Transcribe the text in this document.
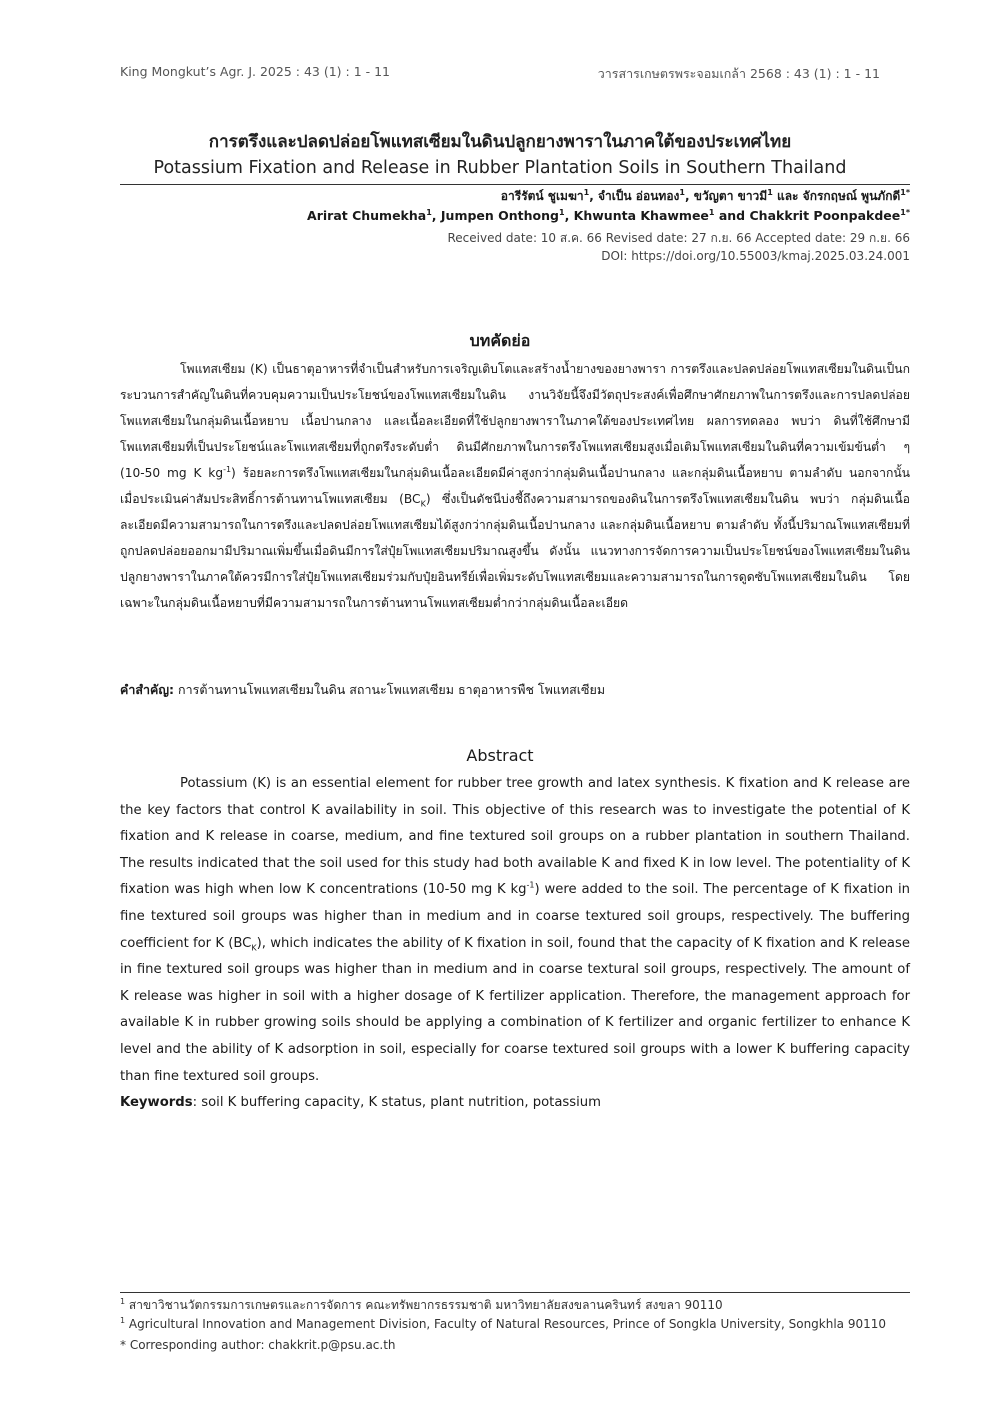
King Mongkut’s Agr. J. 2025 : 43 (1) : 1 - 11	วารสารเกษตรพระจอมเกล้า 2568 : 43 (1) : 1 - 11
การตรึงและปลดปล่อยโพแทสเซียมในดินปลูกยางพาราในภาคใต้ของประเทศไทย
Potassium Fixation and Release in Rubber Plantation Soils in Southern Thailand
อารีรัตน์ ชูเมฆา$^1$, จำเป็น อ่อนทอง$^1$, ขวัญตา ขาวมี$^1$ และ จักรกฤษณ์ พูนภักดี$^{1*}$
Arirat Chumekha$^1$, Jumpen Onthong$^1$, Khwunta Khawmee$^1$ and Chakkrit Poonpakdee$^{1*}$
Received date: 10 ส.ค. 66 Revised date: 27 ก.ย. 66 Accepted date: 29 ก.ย. 66
DOI: https://doi.org/10.55003/kmaj.2025.03.24.001
บทคัดย่อ
โพแทสเซียม (K) เป็นธาตุอาหารที่จำเป็นสำหรับการเจริญเติบโตและสร้างน้ำยางของยางพารา การตรึงและปลดปล่อยโพแทสเซียมในดินเป็นกระบวนการสำคัญในดินที่ควบคุมความเป็นประโยชน์ของโพแทสเซียมในดิน งานวิจัยนี้จึงมีวัตถุประสงค์เพื่อศึกษาศักยภาพในการตรึงและการปลดปล่อยโพแทสเซียมในกลุ่มดินเนื้อหยาบ เนื้อปานกลาง และเนื้อละเอียดที่ใช้ปลูกยางพาราในภาคใต้ของประเทศไทย ผลการทดลอง พบว่า ดินที่ใช้ศึกษามีโพแทสเซียมที่เป็นประโยชน์และโพแทสเซียมที่ถูกตรึงระดับต่ำ ดินมีศักยภาพในการตรึงโพแทสเซียมสูงเมื่อเติมโพแทสเซียมในดินที่ความเข้มข้นต่ำ ๆ (10-50 mg K $kg^{-1}$) ร้อยละการตรึงโพแทสเซียมในกลุ่มดินเนื้อละเอียดมีค่าสูงกว่ากลุ่มดินเนื้อปานกลาง และกลุ่มดินเนื้อหยาบ ตามลำดับ นอกจากนั้น เมื่อประเมินค่าสัมประสิทธิ์การต้านทานโพแทสเซียม $(BC_K)$ ซึ่งเป็นดัชนีบ่งชี้ถึงความสามารถของดินในการตรึงโพแทสเซียมในดิน พบว่า กลุ่มดินเนื้อละเอียดมีความสามารถในการตรึงและปลดปล่อยโพแทสเซียมได้สูงกว่ากลุ่มดินเนื้อปานกลาง และกลุ่มดินเนื้อหยาบ ตามลำดับ ทั้งนี้ปริมาณโพแทสเซียมที่ถูกปลดปล่อยออกมามีปริมาณเพิ่มขึ้นเมื่อดินมีการใส่ปุ๋ยโพแทสเซียมปริมาณสูงขึ้น ดังนั้น แนวทางการจัดการความเป็นประโยชน์ของโพแทสเซียมในดินปลูกยางพาราในภาคใต้ควรมีการใส่ปุ๋ยโพแทสเซียมร่วมกับปุ๋ยอินทรีย์เพื่อเพิ่มระดับโพแทสเซียมและความสามารถในการดูดซับโพแทสเซียมในดิน โดยเฉพาะในกลุ่มดินเนื้อหยาบที่มีความสามารถในการต้านทานโพแทสเซียมต่ำกว่ากลุ่มดินเนื้อละเอียด
คำสำคัญ: การต้านทานโพแทสเซียมในดิน สถานะโพแทสเซียม ธาตุอาหารพืช โพแทสเซียม
Abstract
Potassium (K) is an essential element for rubber tree growth and latex synthesis. K fixation and K release are the key factors that control K availability in soil. This objective of this research was to investigate the potential of K fixation and K release in coarse, medium, and fine textured soil groups on a rubber plantation in southern Thailand. The results indicated that the soil used for this study had both available K and fixed K in low level. The potentiality of K fixation was high when low K concentrations (10-50 mg K $kg^{-1}$) were added to the soil. The percentage of K fixation in fine textured soil groups was higher than in medium and in coarse textured soil groups, respectively. The buffering coefficient for K $(BC_K)$, which indicates the ability of K fixation in soil, found that the capacity of K fixation and K release in fine textured soil groups was higher than in medium and in coarse textural soil groups, respectively. The amount of K release was higher in soil with a higher dosage of K fertilizer application. Therefore, the management approach for available K in rubber growing soils should be applying a combination of K fertilizer and organic fertilizer to enhance K level and the ability of K adsorption in soil, especially for coarse textured soil groups with a lower K buffering capacity than fine textured soil groups.
Keywords: soil K buffering capacity, K status, plant nutrition, potassium
$^1$ สาขาวิชานวัตกรรมการเกษตรและการจัดการ คณะทรัพยากรธรรมชาติ มหาวิทยาลัยสงขลานครินทร์ สงขลา 90110
$^1$ Agricultural Innovation and Management Division, Faculty of Natural Resources, Prince of Songkla University, Songkhla 90110
* Corresponding author: chakkrit.p@psu.ac.th
